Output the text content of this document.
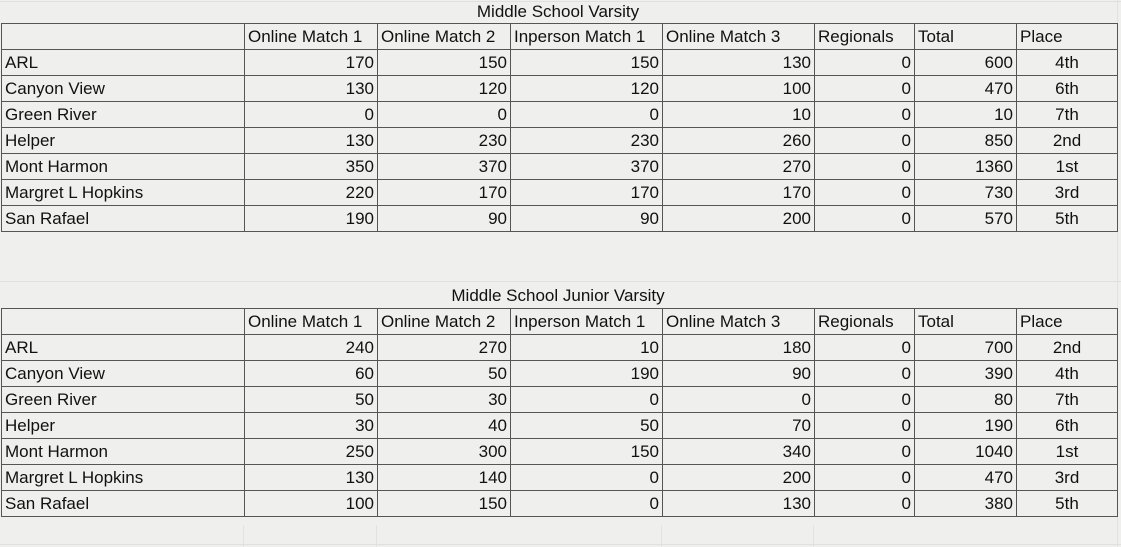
Middle School Varsity
	Online Match 1	Online Match 2	Inperson Match 1	Online Match 3	Regionals	Total	Place
ARL	170	150	150	130	0	600	4th
Canyon View	130	120	120	100	0	470	6th
Green River	0	0	0	10	0	10	7th
Helper	130	230	230	260	0	850	2nd
Mont Harmon	350	370	370	270	0	1360	1st
Margret L Hopkins	220	170	170	170	0	730	3rd
San Rafael	190	90	90	200	0	570	5th
Middle School Junior Varsity
	Online Match 1	Online Match 2	Inperson Match 1	Online Match 3	Regionals	Total	Place
ARL	240	270	10	180	0	700	2nd
Canyon View	60	50	190	90	0	390	4th
Green River	50	30	0	0	0	80	7th
Helper	30	40	50	70	0	190	6th
Mont Harmon	250	300	150	340	0	1040	1st
Margret L Hopkins	130	140	0	200	0	470	3rd
San Rafael	100	150	0	130	0	380	5th
